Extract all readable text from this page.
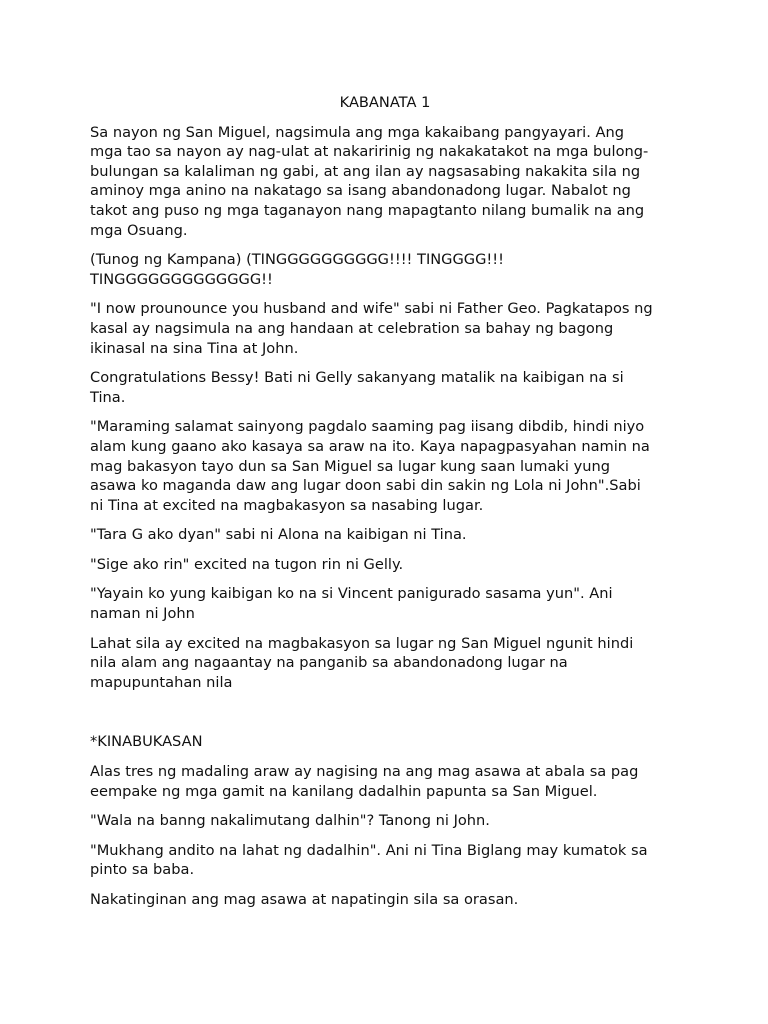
KABANATA 1
Sa nayon ng San Miguel, nagsimula ang mga kakaibang pangyayari. Ang
mga tao sa nayon ay nag-ulat at nakaririnig ng nakakatakot na mga bulong-
bulungan sa kalaliman ng gabi, at ang ilan ay nagsasabing nakakita sila ng
aminoy mga anino na nakatago sa isang abandonadong lugar. Nabalot ng
takot ang puso ng mga taganayon nang mapagtanto nilang bumalik na ang
mga Osuang.
(Tunog ng Kampana) (TINGGGGGGGGGG!!!! TINGGGG!!!
TINGGGGGGGGGGGGG!!
"I now prounounce you husband and wife" sabi ni Father Geo. Pagkatapos ng
kasal ay nagsimula na ang handaan at celebration sa bahay ng bagong
ikinasal na sina Tina at John.
Congratulations Bessy! Bati ni Gelly sakanyang matalik na kaibigan na si
Tina.
"Maraming salamat sainyong pagdalo saaming pag iisang dibdib, hindi niyo
alam kung gaano ako kasaya sa araw na ito. Kaya napagpasyahan namin na
mag bakasyon tayo dun sa San Miguel sa lugar kung saan lumaki yung
asawa ko maganda daw ang lugar doon sabi din sakin ng Lola ni John".Sabi
ni Tina at excited na magbakasyon sa nasabing lugar.
"Tara G ako dyan" sabi ni Alona na kaibigan ni Tina.
"Sige ako rin" excited na tugon rin ni Gelly.
"Yayain ko yung kaibigan ko na si Vincent panigurado sasama yun". Ani
naman ni John
Lahat sila ay excited na magbakasyon sa lugar ng San Miguel ngunit hindi
nila alam ang nagaantay na panganib sa abandonadong lugar na
mapupuntahan nila
*KINABUKASAN
Alas tres ng madaling araw ay nagising na ang mag asawa at abala sa pag
eempake ng mga gamit na kanilang dadalhin papunta sa San Miguel.
"Wala na banng nakalimutang dalhin"? Tanong ni John.
"Mukhang andito na lahat ng dadalhin". Ani ni Tina Biglang may kumatok sa
pinto sa baba.
Nakatinginan ang mag asawa at napatingin sila sa orasan.
